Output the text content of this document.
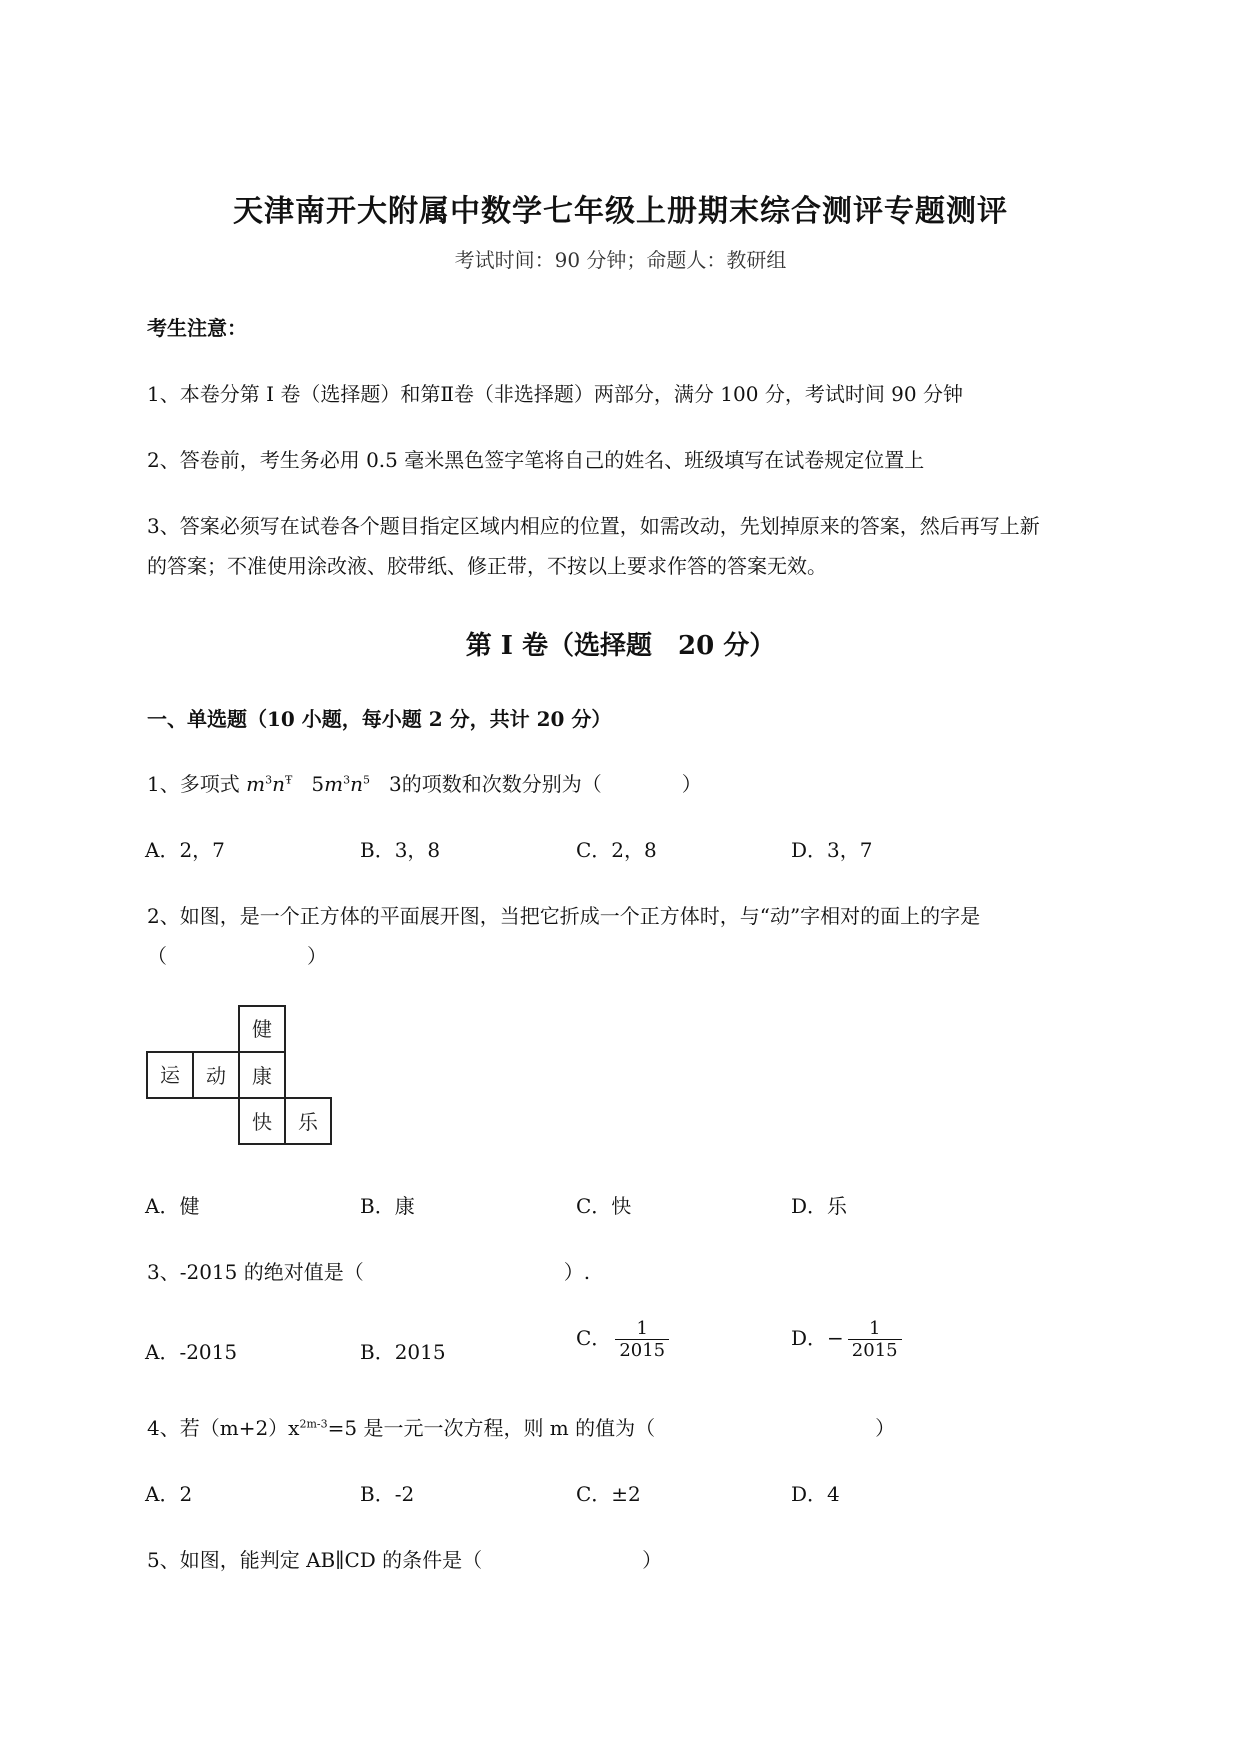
天津南开大附属中数学七年级上册期末综合测评专题测评
考试时间：90 分钟；命题人：教研组
考生注意：
1、本卷分第 I 卷（选择题）和第Ⅱ卷（非选择题）两部分，满分 100 分，考试时间 90 分钟
2、答卷前，考生务必用 0.5 毫米黑色签字笔将自己的姓名、班级填写在试卷规定位置上
3、答案必须写在试卷各个题目指定区域内相应的位置，如需改动，先划掉原来的答案，然后再写上新
的答案；不准使用涂改液、胶带纸、修正带，不按以上要求作答的答案无效。
第 I 卷（选择题　20 分）
一、单选题（10 小题，每小题 2 分，共计 20 分）
1、多项式 $m^3n^Ŧ$ $5m^3n^5$ 3的项数和次数分别为（　　　　）
A．2，7	B．3，8	C．2，8	D．3，7
2、如图，是一个正方体的平面展开图，当把它折成一个正方体时，与“动”字相对的面上的字是
（　　　　　　　）
健
运 动 康
快 乐
A．健	B．康	C．快	D．乐
3、-2015 的绝对值是（　　　　　　　　　　）.
A．-2015	B．2015
C． $\frac{1}{2015}$	D．− $\frac{1}{2015}$
4、若$(m+2)x^{2m-3}=5$ 是一元一次方程，则 m 的值为（　　　　　　　　　　　）
A．2	B．-2	C．±2	D．4
5、如图，能判定 AB∥CD 的条件是（　　　　　　　　）
